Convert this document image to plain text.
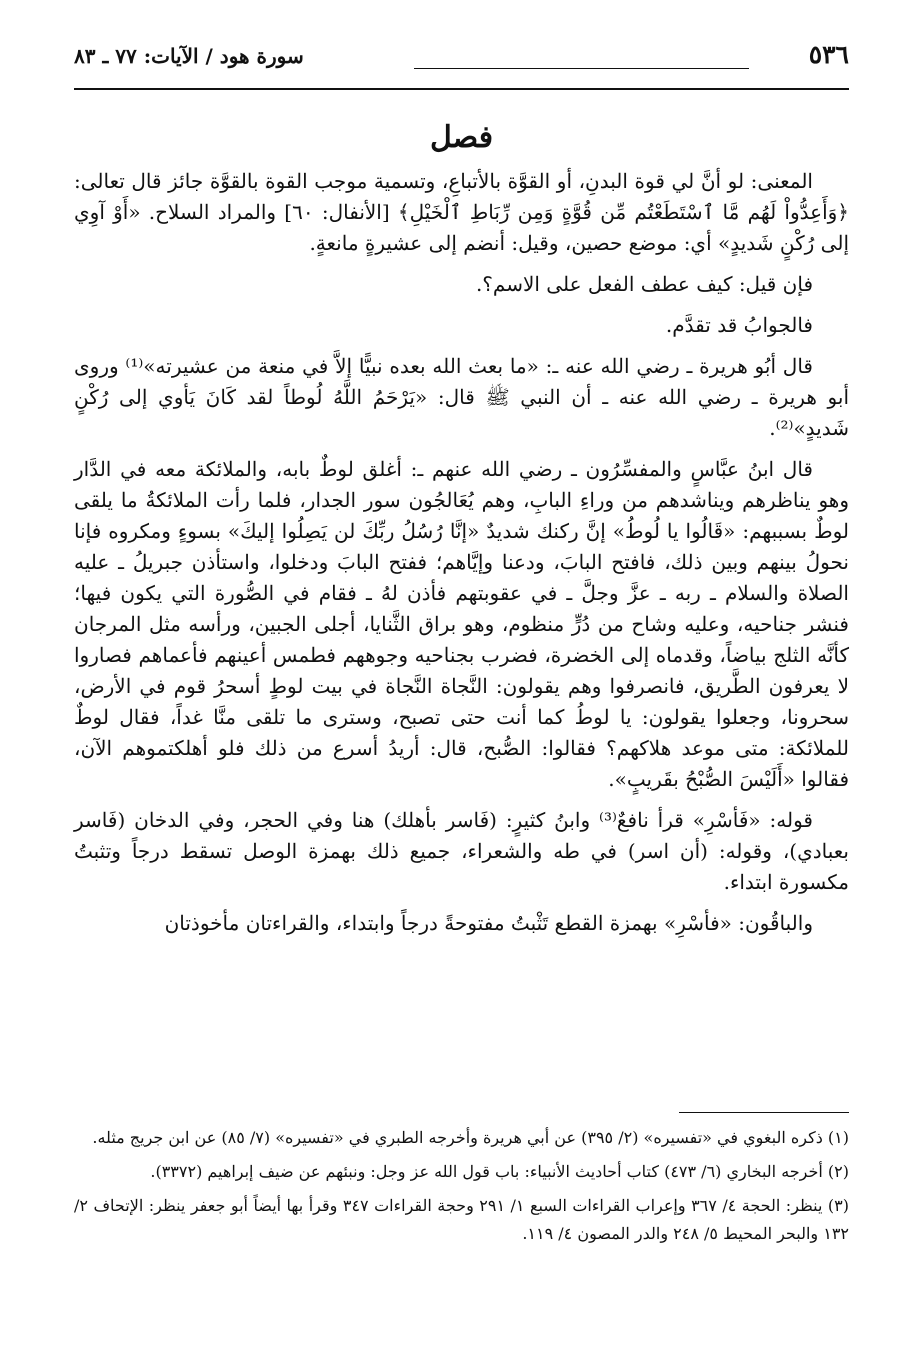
٥٣٦
سورة هود / الآيات: ٧٧ ـ ٨٣
فصل

المعنى: لو أنَّ لي قوة البدنِ، أو القوَّة بالأتباعِ، وتسمية موجب القوة بالقوَّة جائز قال تعالى: ﴿وَأَعِدُّواْ لَهُم مَّا ٱسْتَطَعْتُم مِّن قُوَّةٍ وَمِن رِّبَاطِ ٱلْخَيْلِ﴾ [الأنفال: ٦٠] والمراد السلاح. «أَوْ آوِي إلى رُكْنٍ شَديدٍ» أي: موضع حصين، وقيل: أنضم إلى عشيرةٍ مانعةٍ.

فإن قيل: كيف عطف الفعل على الاسم؟.

فالجوابُ قد تقدَّم.

قال أبُو هريرة ـ رضي الله عنه ـ: «ما بعث الله بعده نبيًّا إلاَّ في منعة من عشيرته»⁽¹⁾ وروى أبو هريرة ـ رضي الله عنه ـ أن النبي ﷺ قال: «يَرْحَمُ اللَّهُ لُوطاً لقد كَانَ يَأوي إلى رُكْنٍ شَديدٍ»⁽²⁾.

قال ابنُ عبَّاسٍ والمفسِّرُون ـ رضي الله عنهم ـ: أغلق لوطٌ بابه، والملائكة معه في الدَّار وهو يناظرهم ويناشدهم من وراءِ البابِ، وهم يُعَالجُون سور الجدار، فلما رأت الملائكةُ ما يلقى لوطٌ بسببهم: «قَالُوا يا لُوطُ» إنَّ ركنك شديدٌ «إنَّا رُسُلُ ربِّكَ لن يَصِلُوا إليكَ» بسوءٍ ومكروه فإنا نحولُ بينهم وبين ذلك، فافتح البابَ، ودعنا وإيَّاهم؛ ففتح البابَ ودخلوا، واستأذن جبريلُ ـ عليه الصلاة والسلام ـ ربه ـ عزَّ وجلَّ ـ في عقوبتهم فأذن لهُ ـ فقام في الصُّورة التي يكون فيها؛ فنشر جناحيه، وعليه وشاح من دُرٍّ منظوم، وهو براق الثَّنايا، أجلى الجبين، ورأسه مثل المرجان كأنَّه الثلج بياضاً، وقدماه إلى الخضرة، فضرب بجناحيه وجوههم فطمس أعينهم فأعماهم فصاروا لا يعرفون الطَّريق، فانصرفوا وهم يقولون: النَّجاة النَّجاة في بيت لوطٍ أسحرُ قوم في الأرض، سحرونا، وجعلوا يقولون: يا لوطُ كما أنت حتى تصبح، وسترى ما تلقى منَّا غداً، فقال لوطٌ للملائكة: متى موعد هلاكهم؟ فقالوا: الصُّبح، قال: أريدُ أسرع من ذلك فلو أهلكتموهم الآن، فقالوا «أَلَيْسَ الصُّبْحُ بقَريبٍ».

قوله: «فَأسْرِ» قرأ نافعٌ⁽³⁾ وابنُ كثيرٍ: (فَاسر بأهلك) هنا وفي الحجر، وفي الدخان (فَاسر بعبادي)، وقوله: (أن اسر) في طه والشعراء، جميع ذلك بهمزة الوصل تسقط درجاً وتثبتُ مكسورة ابتداء.

والباقُون: «فأسْرِ» بهمزة القطع تَثْبتُ مفتوحةً درجاً وابتداء، والقراءتان مأخوذتان

(١) ذكره البغوي في «تفسيره» (٢/ ٣٩٥) عن أبي هريرة وأخرجه الطبري في «تفسيره» (٧/ ٨٥) عن ابن جريج مثله.

(٢) أخرجه البخاري (٦/ ٤٧٣) كتاب أحاديث الأنبياء: باب قول الله عز وجل: ونبئهم عن ضيف إبراهيم (٣٣٧٢).

(٣) ينظر: الحجة ٤/ ٣٦٧ وإعراب القراءات السبع ١/ ٢٩١ وحجة القراءات ٣٤٧ وقرأ بها أيضاً أبو جعفر ينظر: الإتحاف ٢/ ١٣٢ والبحر المحيط ٥/ ٢٤٨ والدر المصون ٤/ ١١٩.
